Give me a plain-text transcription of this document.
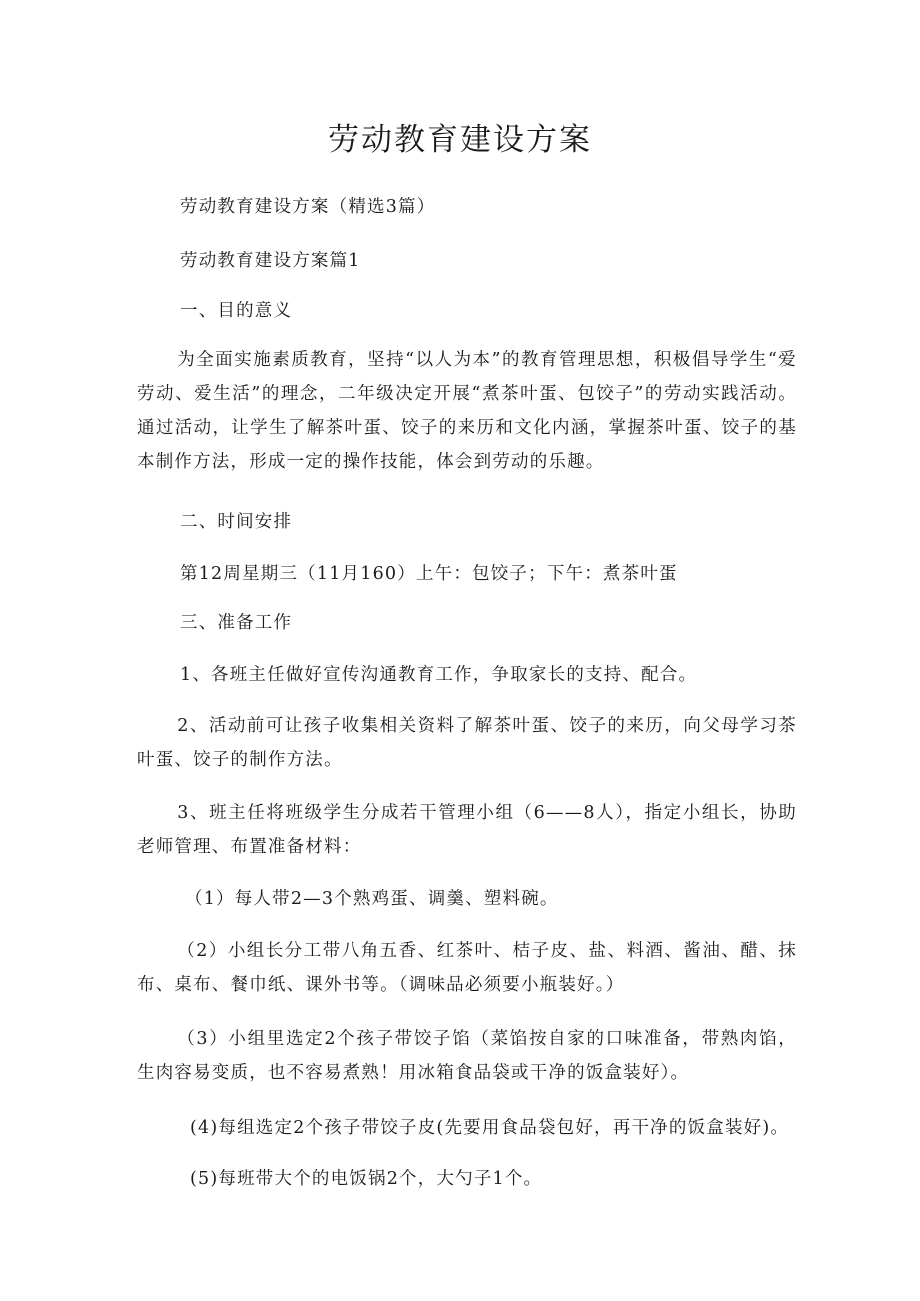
劳动教育建设方案
劳动教育建设方案（精选3篇）
劳动教育建设方案篇1
一、目的意义
为全面实施素质教育，坚持“以人为本”的教育管理思想，积极倡导学生“爱劳动、爱生活”的理念，二年级决定开展“煮茶叶蛋、包饺子”的劳动实践活动。通过活动，让学生了解茶叶蛋、饺子的来历和文化内涵，掌握茶叶蛋、饺子的基本制作方法，形成一定的操作技能，体会到劳动的乐趣。
二、时间安排
第12周星期三（11月160）上午：包饺子；下午：煮茶叶蛋
三、准备工作
1、各班主任做好宣传沟通教育工作，争取家长的支持、配合。
2、活动前可让孩子收集相关资料了解茶叶蛋、饺子的来历，向父母学习茶叶蛋、饺子的制作方法。
3、班主任将班级学生分成若干管理小组（6——8人），指定小组长，协助老师管理、布置准备材料：
（1）每人带2—3个熟鸡蛋、调羹、塑料碗。
（2）小组长分工带八角五香、红茶叶、桔子皮、盐、料酒、酱油、醋、抹布、桌布、餐巾纸、课外书等。（调味品必须要小瓶装好。）
（3）小组里选定2个孩子带饺子馅（菜馅按自家的口味准备，带熟肉馅，生肉容易变质，也不容易煮熟！用冰箱食品袋或干净的饭盒装好）。
(4)每组选定2个孩子带饺子皮(先要用食品袋包好，再干净的饭盒装好)。
(5)每班带大个的电饭锅2个，大勺子1个。
